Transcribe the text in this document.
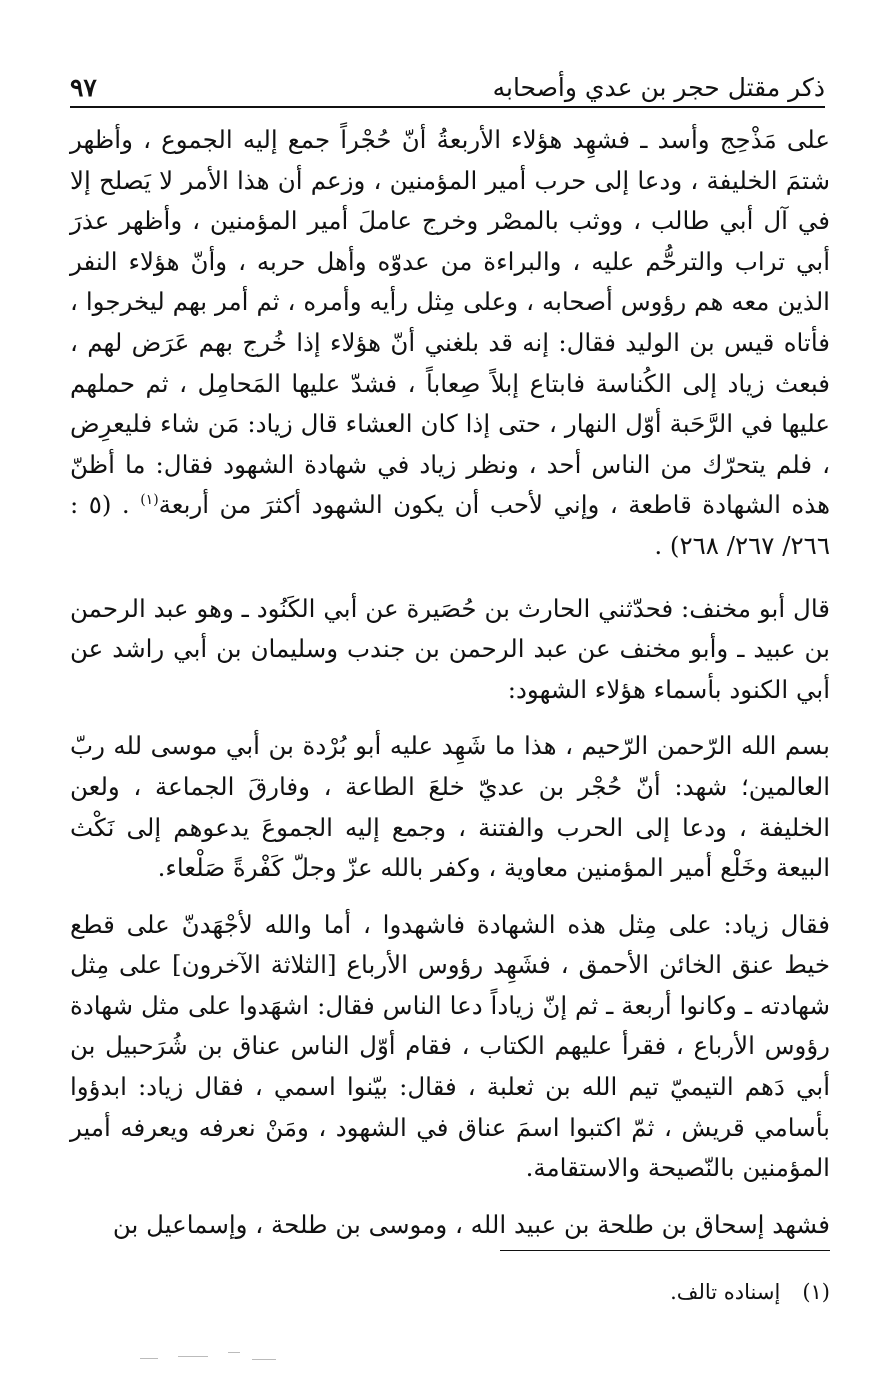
ذكر مقتل حجر بن عدي وأصحابه
٩٧

على مَذْحِج وأسد ـ فشهِد هؤلاء الأربعةُ أنّ حُجْراً جمع إليه الجموع ، وأظهر شتمَ الخليفة ، ودعا إلى حرب أمير المؤمنين ، وزعم أن هذا الأمر لا يَصلح إلا في آل أبي طالب ، ووثب بالمصْر وخرج عاملَ أمير المؤمنين ، وأظهر عذرَ أبي تراب والترحُّم عليه ، والبراءة من عدوّه وأهل حربه ، وأنّ هؤلاء النفر الذين معه هم رؤوس أصحابه ، وعلى مِثل رأيه وأمره ، ثم أمر بهم ليخرجوا ، فأتاه قيس بن الوليد فقال: إنه قد بلغني أنّ هؤلاء إذا خُرج بهم عَرَض لهم ، فبعث زياد إلى الكُناسة فابتاع إبلاً صِعاباً ، فشدّ عليها المَحامِل ، ثم حملهم عليها في الرَّحَبة أوّل النهار ، حتى إذا كان العشاء قال زياد: مَن شاء فليعرِض ، فلم يتحرّك من الناس أحد ، ونظر زياد في شهادة الشهود فقال: ما أظنّ هذه الشهادة قاطعة ، وإني لأحب أن يكون الشهود أكثرَ من أربعة$^{(١)}$ . (٥ : ٢٦٦/ ٢٦٧/ ٢٦٨) .

قال أبو مخنف: فحدّثني الحارث بن حُصَيرة عن أبي الكَنُود ـ وهو عبد الرحمن بن عبيد ـ وأبو مخنف عن عبد الرحمن بن جندب وسليمان بن أبي راشد عن أبي الكنود بأسماء هؤلاء الشهود:

بسم الله الرّحمن الرّحيم ، هذا ما شَهِد عليه أبو بُرْدة بن أبي موسى لله ربّ العالمين؛ شهد: أنّ حُجْر بن عديّ خلعَ الطاعة ، وفارقَ الجماعة ، ولعن الخليفة ، ودعا إلى الحرب والفتنة ، وجمع إليه الجموعَ يدعوهم إلى نَكْث البيعة وخَلْع أمير المؤمنين معاوية ، وكفر بالله عزّ وجلّ كَفْرةً صَلْعاء.

فقال زياد: على مِثل هذه الشهادة فاشهدوا ، أما والله لأجْهَدنّ على قطع خيط عنق الخائن الأحمق ، فشَهِد رؤوس الأرباع [الثلاثة الآخرون] على مِثل شهادته ـ وكانوا أربعة ـ ثم إنّ زياداً دعا الناس فقال: اشهَدوا على مثل شهادة رؤوس الأرباع ، فقرأ عليهم الكتاب ، فقام أوّل الناس عناق بن شُرَحبيل بن أبي دَهم التيميّ تيم الله بن ثعلبة ، فقال: بيّنوا اسمي ، فقال زياد: ابدؤوا بأسامي قريش ، ثمّ اكتبوا اسمَ عناق في الشهود ، ومَنْ نعرفه ويعرفه أمير المؤمنين بالنّصيحة والاستقامة.

فشهد إسحاق بن طلحة بن عبيد الله ، وموسى بن طلحة ، وإسماعيل بن

(١)
إسناده تالف.
